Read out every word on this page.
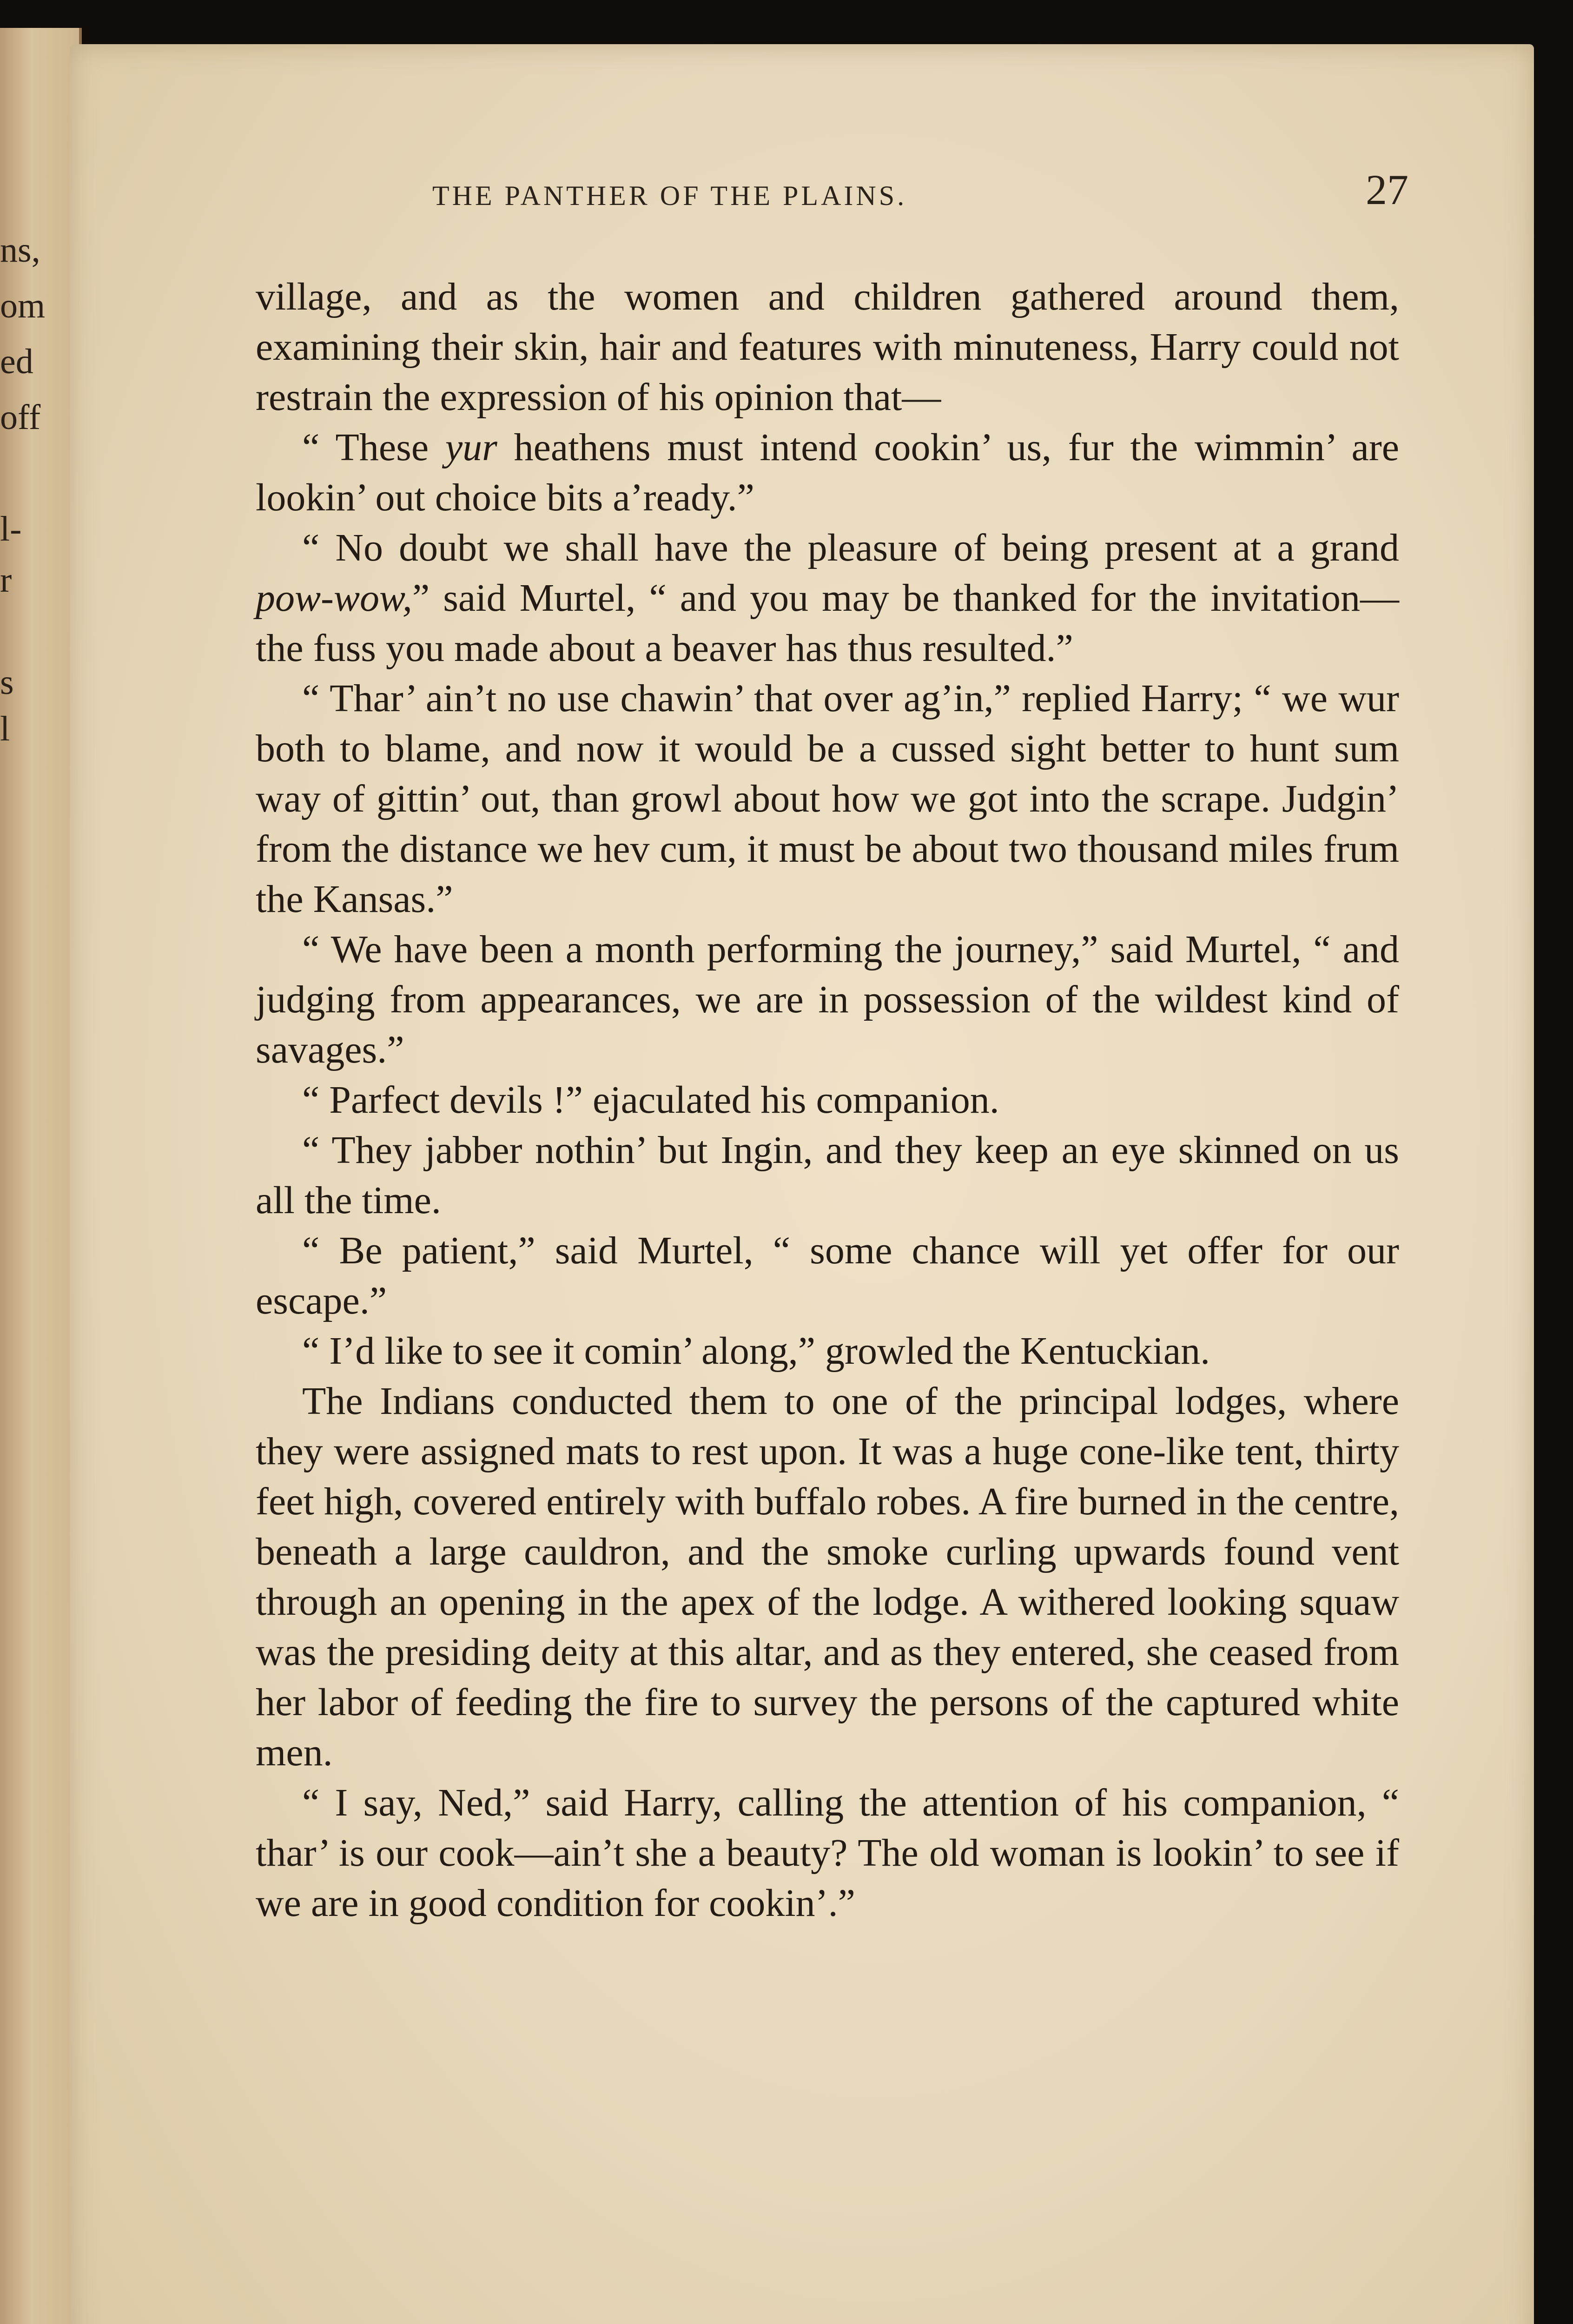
ns,
om
ed
off
l-
r
s
l
THE PANTHER OF THE PLAINS.	27

village, and as the women and children gathered around them, examining their skin, hair and features with minuteness, Harry could not restrain the expression of his opinion that—

“ These yur heathens must intend cookin’ us, fur the wimmin’ are lookin’ out choice bits a’ready.”

“ No doubt we shall have the pleasure of being present at a grand pow-wow,” said Murtel, “ and you may be thanked for the invitation—the fuss you made about a beaver has thus resulted.”

“ Thar’ ain’t no use chawin’ that over ag’in,” replied Harry; “ we wur both to blame, and now it would be a cussed sight better to hunt sum way of gittin’ out, than growl about how we got into the scrape. Judgin’ from the distance we hev cum, it must be about two thousand miles frum the Kansas.”

“ We have been a month performing the journey,” said Murtel, “ and judging from appearances, we are in possession of the wildest kind of savages.”

“ Parfect devils !” ejaculated his companion.

“ They jabber nothin’ but Ingin, and they keep an eye skinned on us all the time.

“ Be patient,” said Murtel, “ some chance will yet offer for our escape.”

“ I’d like to see it comin’ along,” growled the Kentuckian.

The Indians conducted them to one of the principal lodges, where they were assigned mats to rest upon. It was a huge cone-like tent, thirty feet high, covered entirely with buffalo robes. A fire burned in the centre, beneath a large cauldron, and the smoke curling upwards found vent through an opening in the apex of the lodge. A withered looking squaw was the presiding deity at this altar, and as they entered, she ceased from her labor of feeding the fire to survey the persons of the captured white men.

“ I say, Ned,” said Harry, calling the attention of his companion, “ thar’ is our cook—ain’t she a beauty? The old woman is lookin’ to see if we are in good condition for cookin’.”
